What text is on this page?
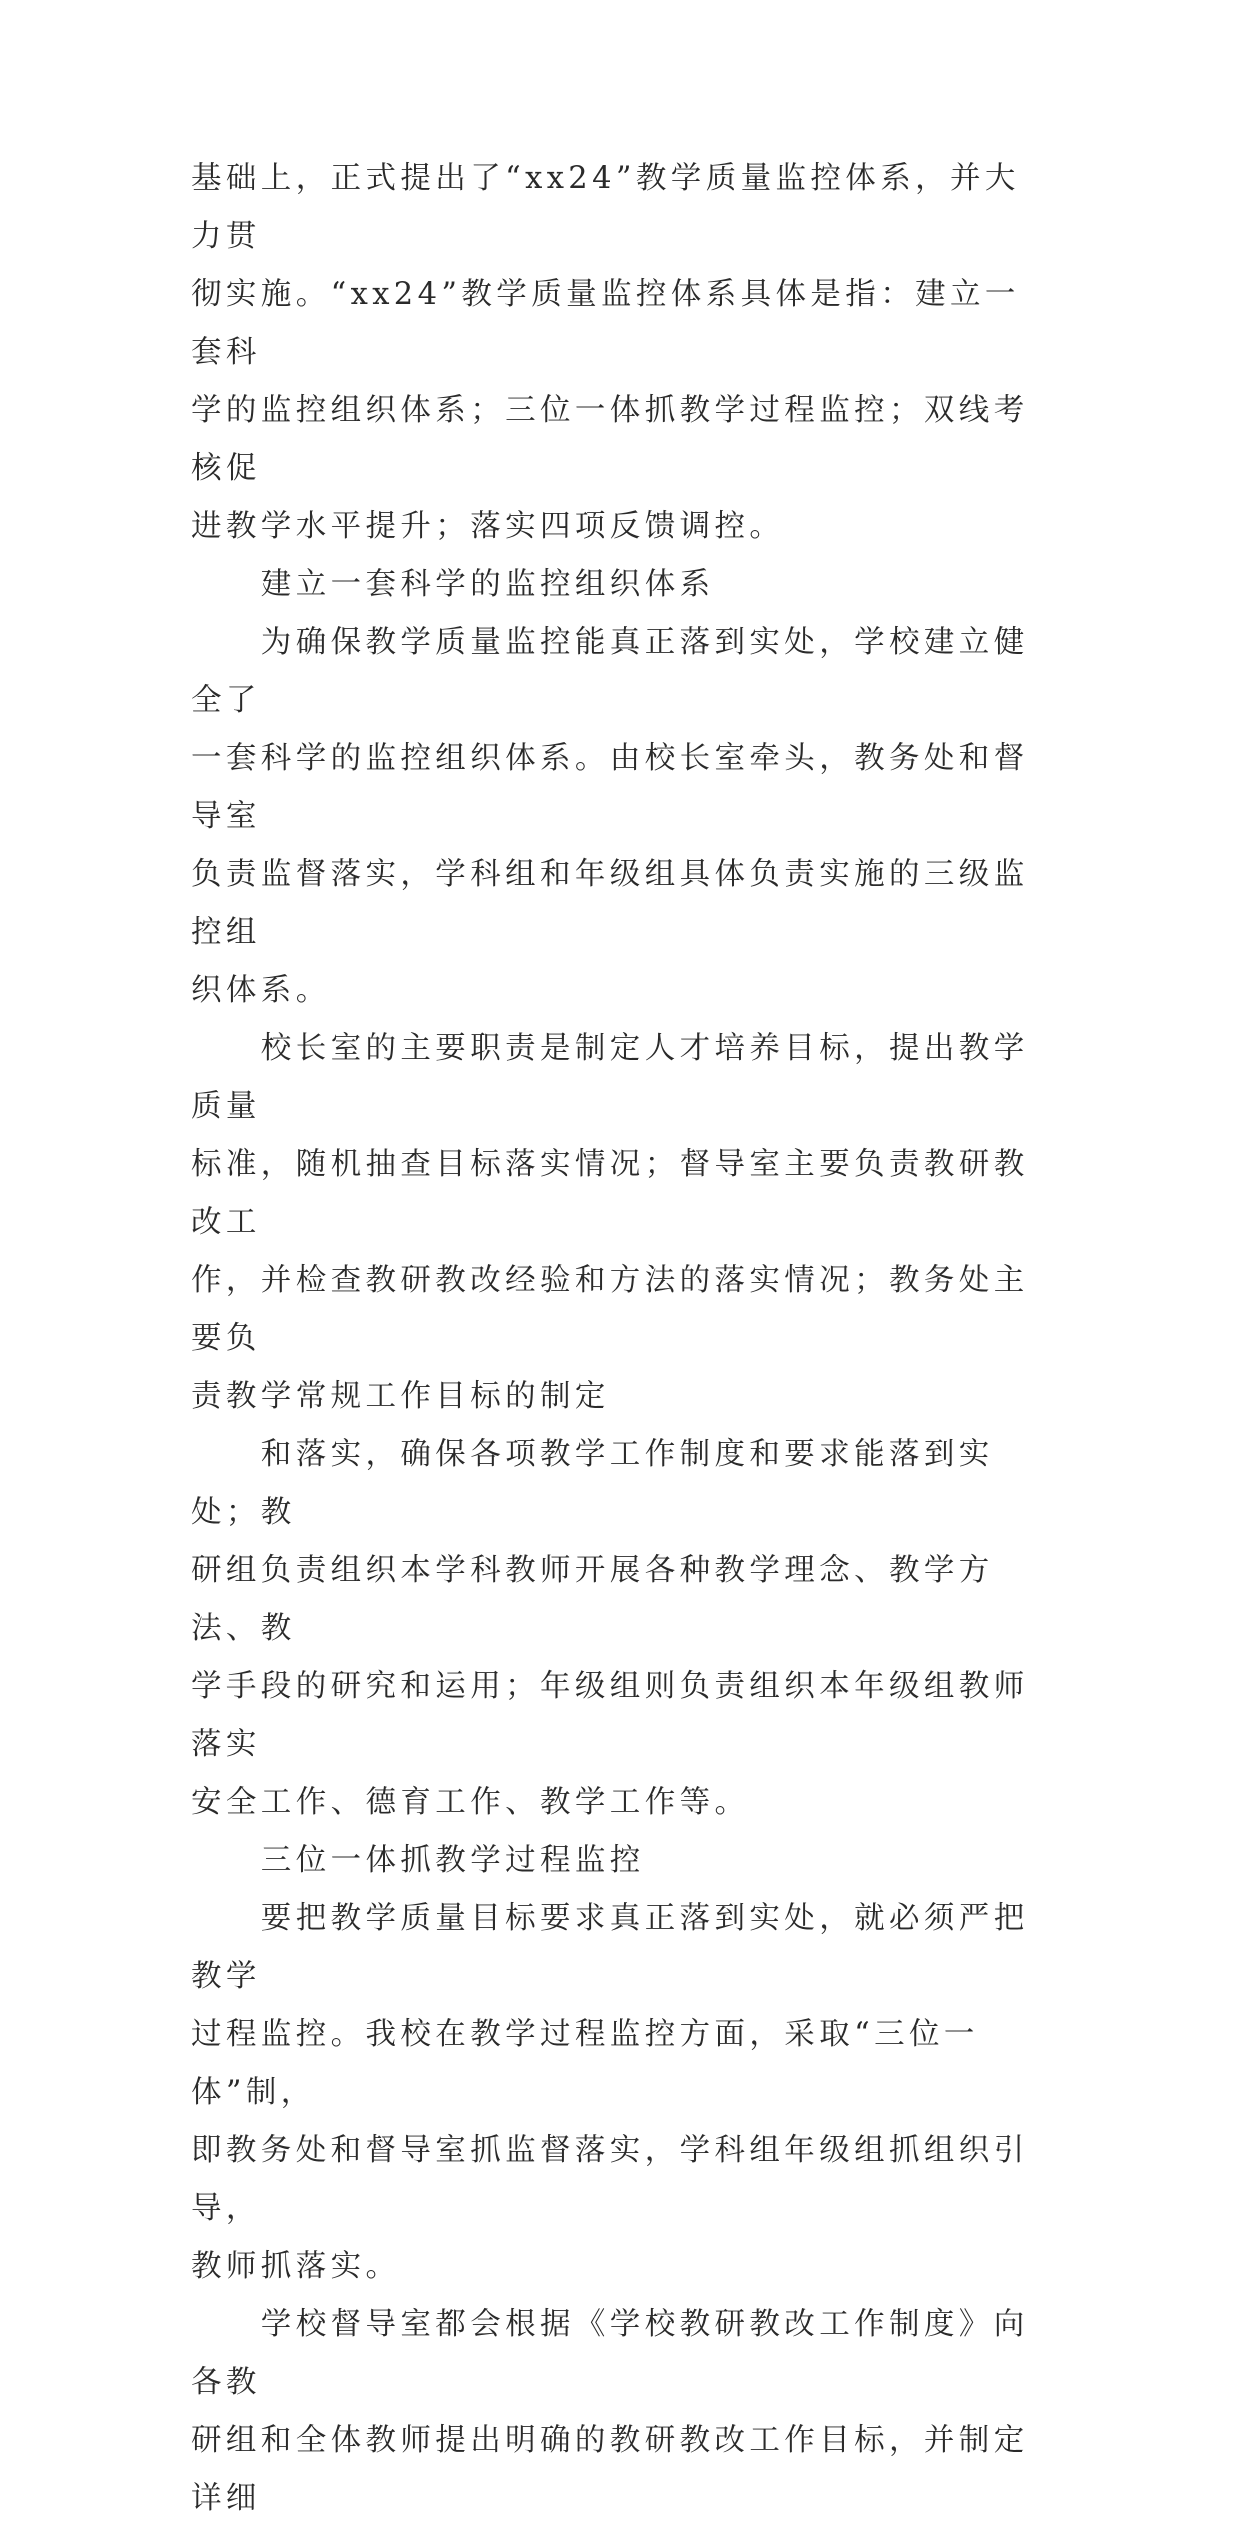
基础上，正式提出了“xx24”教学质量监控体系，并大力贯

彻实施。“xx24”教学质量监控体系具体是指：建立一套科

学的监控组织体系；三位一体抓教学过程监控；双线考核促

进教学水平提升；落实四项反馈调控。

　　建立一套科学的监控组织体系

　　为确保教学质量监控能真正落到实处，学校建立健全了

一套科学的监控组织体系。由校长室牵头，教务处和督导室

负责监督落实，学科组和年级组具体负责实施的三级监控组

织体系。

　　校长室的主要职责是制定人才培养目标，提出教学质量

标准，随机抽查目标落实情况；督导室主要负责教研教改工

作，并检查教研教改经验和方法的落实情况；教务处主要负

责教学常规工作目标的制定

　　和落实，确保各项教学工作制度和要求能落到实处；教

研组负责组织本学科教师开展各种教学理念、教学方法、教

学手段的研究和运用；年级组则负责组织本年级组教师落实

安全工作、德育工作、教学工作等。

　　三位一体抓教学过程监控

　　要把教学质量目标要求真正落到实处，就必须严把教学

过程监控。我校在教学过程监控方面，采取“三位一体”制，

即教务处和督导室抓监督落实，学科组年级组抓组织引导，

教师抓落实。

　　学校督导室都会根据《学校教研教改工作制度》向各教

研组和全体教师提出明确的教研教改工作目标，并制定详细
